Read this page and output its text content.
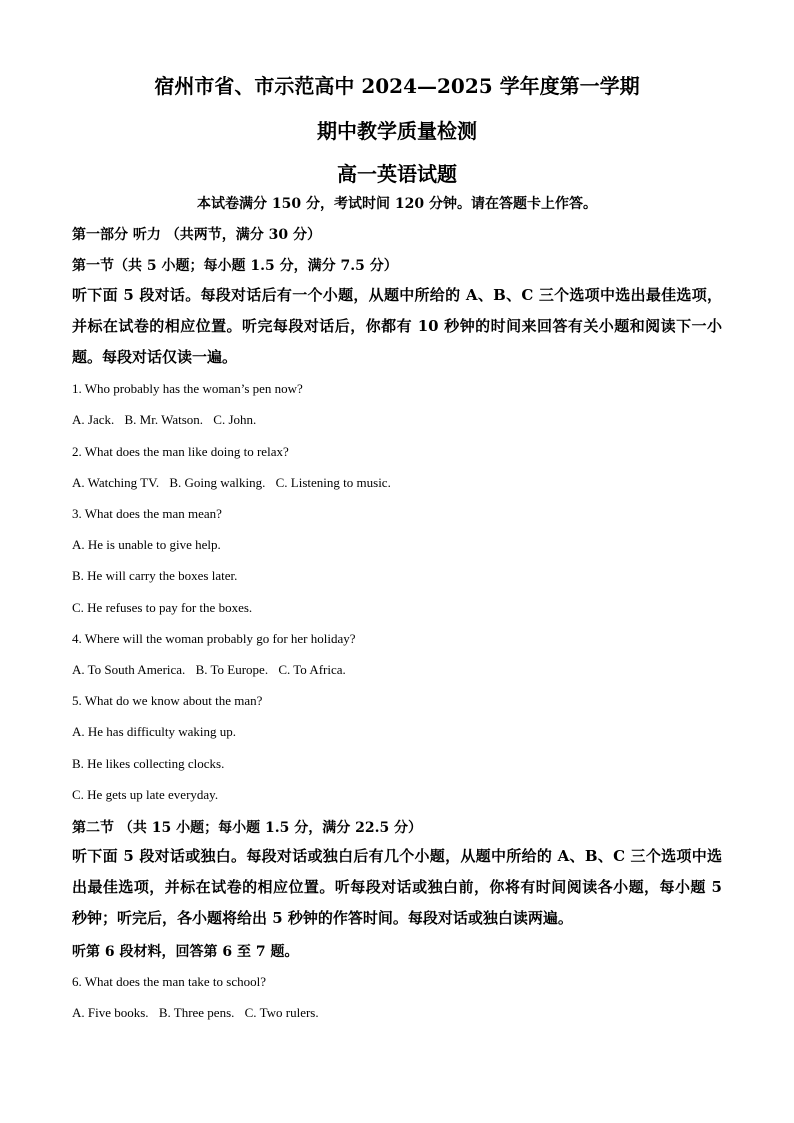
宿州市省、市示范高中 2024—2025 学年度第一学期
期中教学质量检测
高一英语试题
本试卷满分 150 分，考试时间 120 分钟。请在答题卡上作答。
第一部分 听力 （共两节，满分 30 分）
第一节（共 5 小题；每小题 1.5 分，满分 7.5 分）
听下面 5 段对话。每段对话后有一个小题，从题中所给的 A、B、C 三个选项中选出最佳选项，并标在试卷的相应位置。听完每段对话后，你都有 10 秒钟的时间来回答有关小题和阅读下一小题。每段对话仅读一遍。
1. Who probably has the woman’s pen now?
A. Jack. B. Mr. Watson. C. John.
2. What does the man like doing to relax?
A. Watching TV. B. Going walking. C. Listening to music.
3. What does the man mean?
A. He is unable to give help.
B. He will carry the boxes later.
C. He refuses to pay for the boxes.
4. Where will the woman probably go for her holiday?
A. To South America. B. To Europe. C. To Africa.
5. What do we know about the man?
A. He has difficulty waking up.
B. He likes collecting clocks.
C. He gets up late everyday.
第二节 （共 15 小题；每小题 1.5 分，满分 22.5 分）
听下面 5 段对话或独白。每段对话或独白后有几个小题，从题中所给的 A、B、C 三个选项中选出最佳选项，并标在试卷的相应位置。听每段对话或独白前，你将有时间阅读各小题，每小题 5 秒钟；听完后，各小题将给出 5 秒钟的作答时间。每段对话或独白读两遍。
听第 6 段材料，回答第 6 至 7 题。
6. What does the man take to school?
A. Five books. B. Three pens. C. Two rulers.
